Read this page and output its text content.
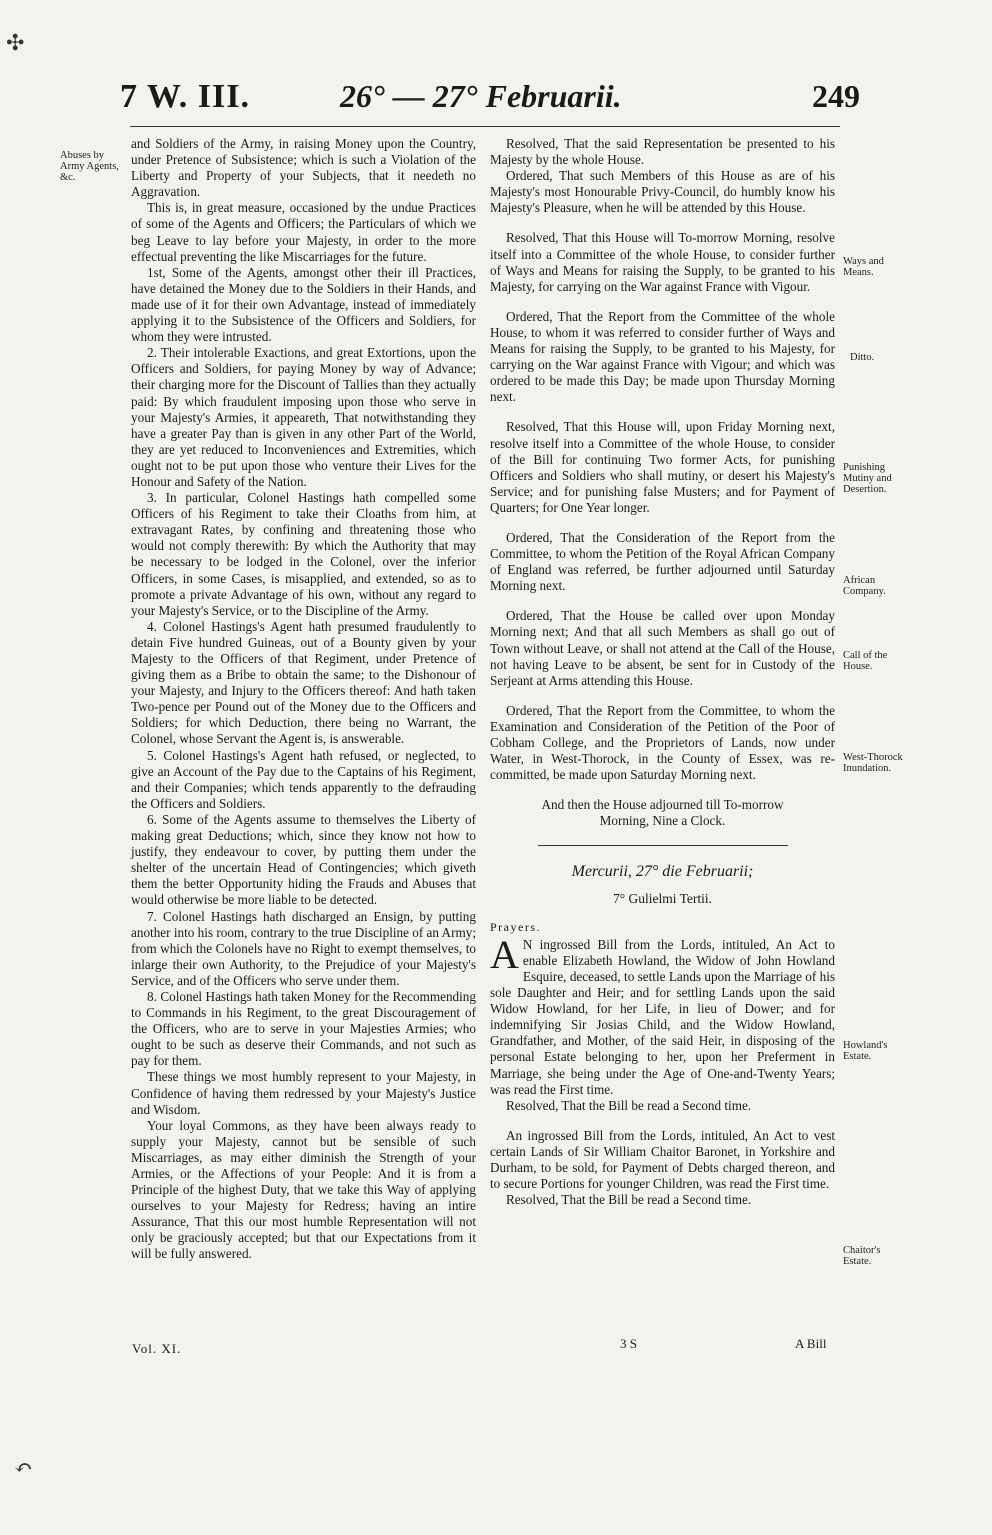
✣
↶
7 W. III.	26° — 27° Februarii.	249
Abuses by Army Agents, &c.
Ways and Means.
Ditto.
Punishing Mutiny and Desertion.
African Company.
Call of the House.
West-Thorock Inundation.
Howland's Estate.
Chaitor's Estate.

and Soldiers of the Army, in raising Money upon the Country, under Pretence of Subsistence; which is such a Violation of the Liberty and Property of your Subjects, that it needeth no Aggravation.

This is, in great measure, occasioned by the undue Practices of some of the Agents and Officers; the Particulars of which we beg Leave to lay before your Majesty, in order to the more effectual preventing the like Miscarriages for the future.

1st, Some of the Agents, amongst other their ill Practices, have detained the Money due to the Soldiers in their Hands, and made use of it for their own Advantage, instead of immediately applying it to the Subsistence of the Officers and Soldiers, for whom they were intrusted.

2. Their intolerable Exactions, and great Extortions, upon the Officers and Soldiers, for paying Money by way of Advance; their charging more for the Discount of Tallies than they actually paid: By which fraudulent imposing upon those who serve in your Majesty's Armies, it appeareth, That notwithstanding they have a greater Pay than is given in any other Part of the World, they are yet reduced to Inconveniences and Extremities, which ought not to be put upon those who venture their Lives for the Honour and Safety of the Nation.

3. In particular, Colonel Hastings hath compelled some Officers of his Regiment to take their Cloaths from him, at extravagant Rates, by confining and threatening those who would not comply therewith: By which the Authority that may be necessary to be lodged in the Colonel, over the inferior Officers, in some Cases, is misapplied, and extended, so as to promote a private Advantage of his own, without any regard to your Majesty's Service, or to the Discipline of the Army.

4. Colonel Hastings's Agent hath presumed fraudulently to detain Five hundred Guineas, out of a Bounty given by your Majesty to the Officers of that Regiment, under Pretence of giving them as a Bribe to obtain the same; to the Dishonour of your Majesty, and Injury to the Officers thereof: And hath taken Two-pence per Pound out of the Money due to the Officers and Soldiers; for which Deduction, there being no Warrant, the Colonel, whose Servant the Agent is, is answerable.

5. Colonel Hastings's Agent hath refused, or neglected, to give an Account of the Pay due to the Captains of his Regiment, and their Companies; which tends apparently to the defrauding the Officers and Soldiers.

6. Some of the Agents assume to themselves the Liberty of making great Deductions; which, since they know not how to justify, they endeavour to cover, by putting them under the shelter of the uncertain Head of Contingencies; which giveth them the better Opportunity hiding the Frauds and Abuses that would otherwise be more liable to be detected.

7. Colonel Hastings hath discharged an Ensign, by putting another into his room, contrary to the true Discipline of an Army; from which the Colonels have no Right to exempt themselves, to inlarge their own Authority, to the Prejudice of your Majesty's Service, and of the Officers who serve under them.

8. Colonel Hastings hath taken Money for the Recommending to Commands in his Regiment, to the great Discouragement of the Officers, who are to serve in your Majesties Armies; who ought to be such as deserve their Commands, and not such as pay for them.

These things we most humbly represent to your Majesty, in Confidence of having them redressed by your Majesty's Justice and Wisdom.

Your loyal Commons, as they have been always ready to supply your Majesty, cannot but be sensible of such Miscarriages, as may either diminish the Strength of your Armies, or the Affections of your People: And it is from a Principle of the highest Duty, that we take this Way of applying ourselves to your Majesty for Redress; having an intire Assurance, That this our most humble Representation will not only be graciously accepted; but that our Expectations from it will be fully answered.

Resolved, That the said Representation be presented to his Majesty by the whole House.

Ordered, That such Members of this House as are of his Majesty's most Honourable Privy-Council, do humbly know his Majesty's Pleasure, when he will be attended by this House.

Resolved, That this House will To-morrow Morning, resolve itself into a Committee of the whole House, to consider further of Ways and Means for raising the Supply, to be granted to his Majesty, for carrying on the War against France with Vigour.

Ordered, That the Report from the Committee of the whole House, to whom it was referred to consider further of Ways and Means for raising the Supply, to be granted to his Majesty, for carrying on the War against France with Vigour; and which was ordered to be made this Day; be made upon Thursday Morning next.

Resolved, That this House will, upon Friday Morning next, resolve itself into a Committee of the whole House, to consider of the Bill for continuing Two former Acts, for punishing Officers and Soldiers who shall mutiny, or desert his Majesty's Service; and for punishing false Musters; and for Payment of Quarters; for One Year longer.

Ordered, That the Consideration of the Report from the Committee, to whom the Petition of the Royal African Company of England was referred, be further adjourned until Saturday Morning next.

Ordered, That the House be called over upon Monday Morning next; And that all such Members as shall go out of Town without Leave, or shall not attend at the Call of the House, not having Leave to be absent, be sent for in Custody of the Serjeant at Arms attending this House.

Ordered, That the Report from the Committee, to whom the Examination and Consideration of the Petition of the Poor of Cobham College, and the Proprietors of Lands, now under Water, in West-Thorock, in the County of Essex, was re-committed, be made upon Saturday Morning next.

And then the House adjourned till To-morrow Morning, Nine a Clock.

Mercurii, 27° die Februarii;
7° Gulielmi Tertii.

Prayers.

A N ingrossed Bill from the Lords, intituled, An Act to enable Elizabeth Howland, the Widow of John Howland Esquire, deceased, to settle Lands upon the Marriage of his sole Daughter and Heir; and for settling Lands upon the said Widow Howland, for her Life, in lieu of Dower; and for indemnifying Sir Josias Child, and the Widow Howland, Grandfather, and Mother, of the said Heir, in disposing of the personal Estate belonging to her, upon her Preferment in Marriage, she being under the Age of One-and-Twenty Years; was read the First time.

Resolved, That the Bill be read a Second time.

An ingrossed Bill from the Lords, intituled, An Act to vest certain Lands of Sir William Chaitor Baronet, in Yorkshire and Durham, to be sold, for Payment of Debts charged thereon, and to secure Portions for younger Children, was read the First time.

Resolved, That the Bill be read a Second time.

Vol. XI.	3 S	A Bill
